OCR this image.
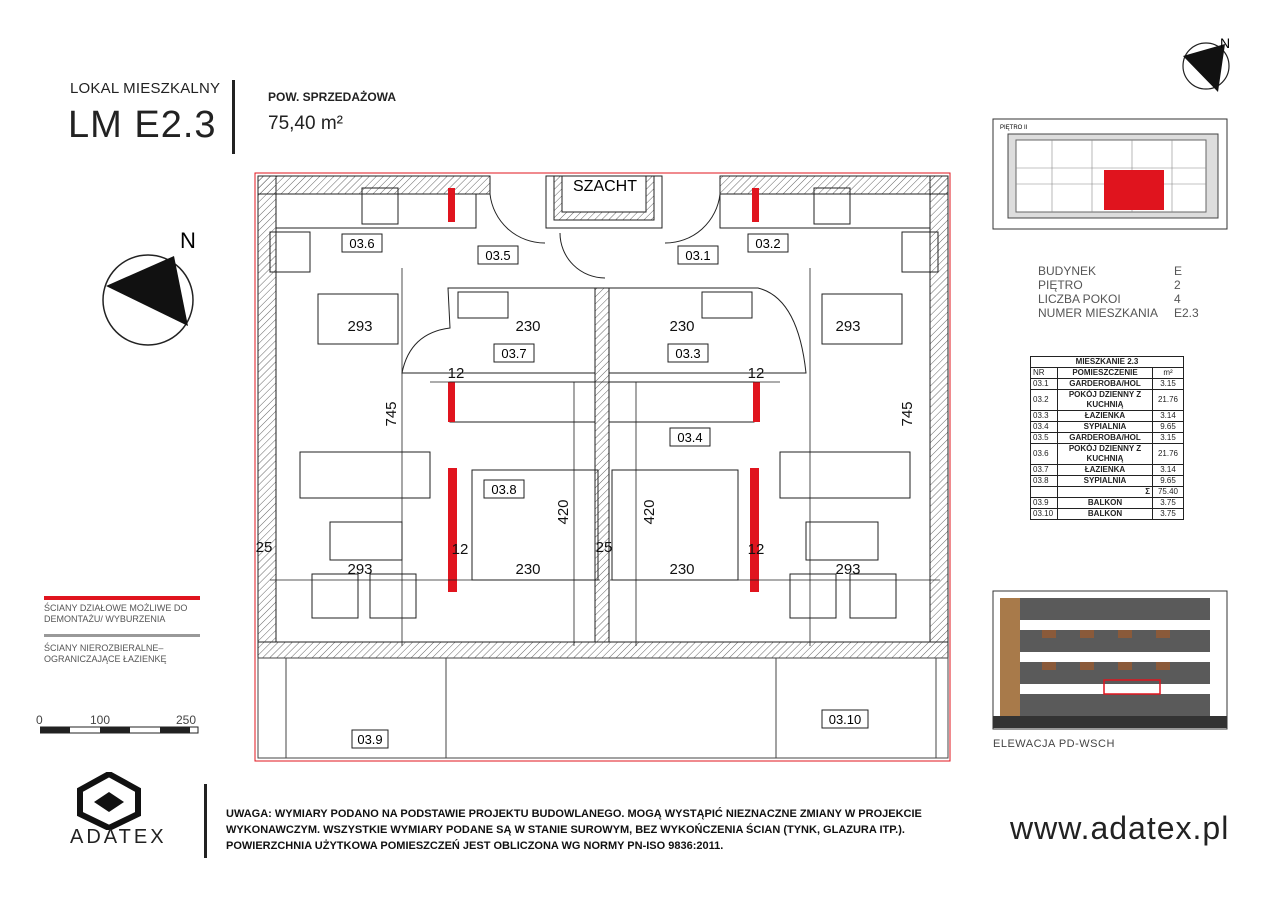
LOKAL MIESZKALNY
LM E2.3
POW. SPRZEDAŻOWA
75,40 m²
N
N
SZACHT
03.6
03.5	03.1
03.2
03.7	03.3
03.4
03.8
03.9
03.10
293	230	230	293
12	12
12	12
25	25
293	230	230	293
745	745
420	420
PIĘTRO II
BUDYNEK	E
PIĘTRO	2
LICZBA POKOI	4
NUMER MIESZKANIA E2.3
MIESZKANIE 2.3		
NR	POMIESZCZENIE	m²
03.1	GARDEROBA/HOL	3.15
03.2	POKÓJ DZIENNY Z KUCHNIĄ	21.76
03.3	ŁAZIENKA	3.14
03.4	SYPIALNIA	9.65
03.5	GARDEROBA/HOL	3.15
03.6	POKÓJ DZIENNY Z KUCHNIĄ	21.76
03.7	ŁAZIENKA	3.14
03.8	SYPIALNIA	9.65
	Σ	75.40
03.9	BALKON	3.75
03.10	BALKON	3.75
ŚCIANY DZIAŁOWE MOŻLIWE DO DEMONTAŻU/ WYBURZENIA
ŚCIANY NIEROZBIERALNE–OGRANICZAJĄCE ŁAZIENKĘ
0	100	250
ELEWACJA PD-WSCH
ADATEX
UWAGA: WYMIARY PODANO NA PODSTAWIE PROJEKTU BUDOWLANEGO. MOGĄ WYSTĄPIĆ NIEZNACZNE ZMIANY W PROJEKCIE WYKONAWCZYM. WSZYSTKIE WYMIARY PODANE SĄ W STANIE SUROWYM, BEZ WYKOŃCZENIA ŚCIAN (TYNK, GLAZURA ITP.). POWIERZCHNIA UŻYTKOWA POMIESZCZEŃ JEST OBLICZONA WG NORMY PN-ISO 9836:2011.	www.adatex.pl
